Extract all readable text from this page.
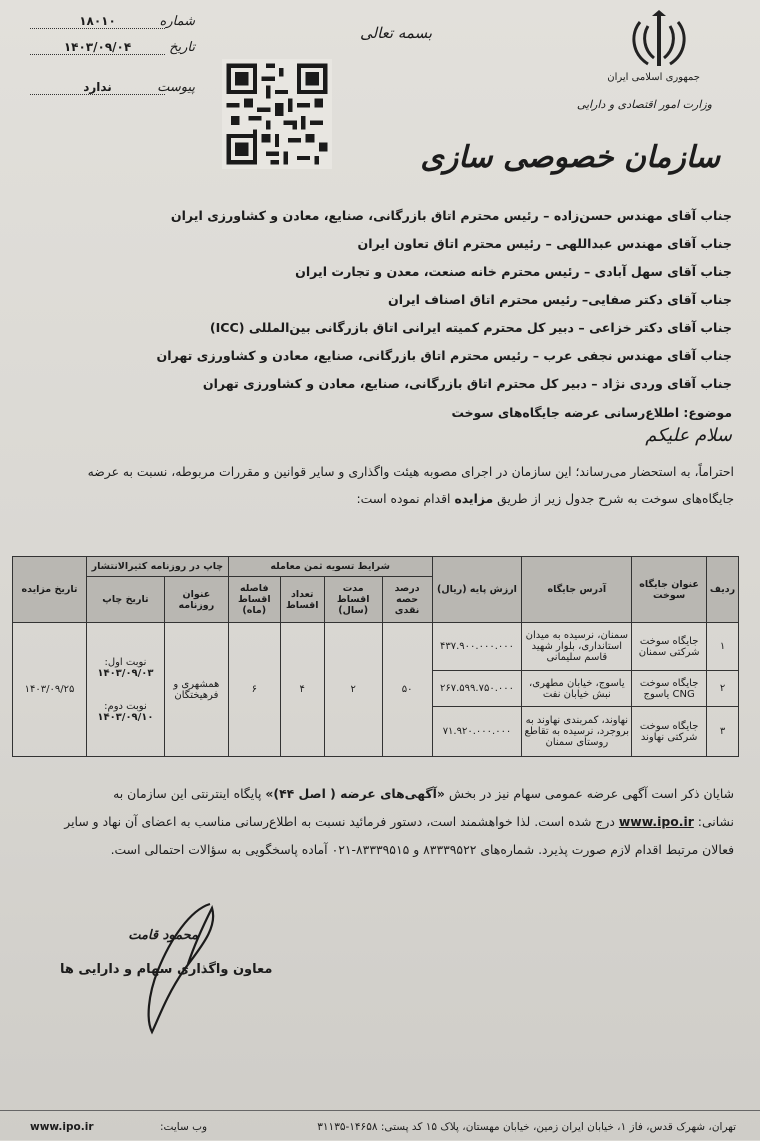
جمهوری اسلامی ایران
وزارت امور اقتصادی و دارایی
سازمان خصوصی سازی
بسمه تعالی
شماره
۱۸۰۱۰
تاریخ
۱۴۰۳/۰۹/۰۴
پیوست
ندارد
جناب آقای مهندس حسن‌زاده – رئیس محترم اتاق بازرگانی، صنایع، معادن و کشاورزی ایران
جناب آقای مهندس عبداللهی – رئیس محترم اتاق تعاون ایران
جناب آقای سهل آبادی – رئیس محترم خانه صنعت، معدن و تجارت ایران
جناب آقای دکتر صفایی– رئیس محترم اتاق اصناف ایران
جناب آقای دکتر خزاعی – دبیر کل محترم کمیته ایرانی اتاق بازرگانی بین‌المللی (ICC)
جناب آقای مهندس نجفی عرب – رئیس محترم اتاق بازرگانی، صنایع، معادن و کشاورزی تهران
جناب آقای وردی نژاد – دبیر کل محترم اتاق بازرگانی، صنایع، معادن و کشاورزی تهران
موضوع: اطلاع‌رسانی عرضه جایگاه‌های سوخت
سلام علیکم
احتراماً، به استحضار می‌رساند؛ این سازمان در اجرای مصوبه هیئت واگذاری و سایر قوانین و مقررات مربوطه، نسبت به عرضه
جایگاه‌های سوخت به شرح جدول زیر از طریق مزایده اقدام نموده است:
ردیف	عنوان جایگاه سوخت	آدرس جایگاه	ارزش پایه (ریال)	شرایط تسویه ثمن معامله				چاپ در روزنامه کثیرالانتشار		تاریخ مزایده
				درصد حصه نقدی	مدت اقساط (سال)	تعداد اقساط	فاصله اقساط (ماه)	عنوان روزنامه	تاریخ چاپ	
۱	جایگاه سوخت شرکتی سمنان	سمنان، نرسیده به میدان استانداری، بلوار شهید قاسم سلیمانی	۴۳۷.۹۰۰.۰۰۰.۰۰۰	۵۰	۲	۴	۶	همشهری و فرهیختگان	نوبت اول:
۱۴۰۳/۰۹/۰۳
نوبت دوم:
۱۴۰۳/۰۹/۱۰	۱۴۰۳/۰۹/۲۵
۲	جایگاه سوخت CNG یاسوج	یاسوج، خیابان مطهری، نبش خیابان نفت	۲۶۷.۵۹۹.۷۵۰.۰۰۰							
۳	جایگاه سوخت شرکتی نهاوند	نهاوند، کمربندی نهاوند به بروجرد، نرسیده به تقاطع روستای سمنان	۷۱.۹۲۰.۰۰۰.۰۰۰							
شایان ذکر است آگهی عرضه عمومی سهام نیز در بخش «آگهی‌های عرضه ( اصل ۴۴)» پایگاه اینترنتی این سازمان به
نشانی: www.ipo.ir درج شده است. لذا خواهشمند است، دستور فرمائید نسبت به اطلاع‌رسانی مناسب به اعضای آن نهاد و سایر
فعالان مرتبط اقدام لازم صورت پذیرد. شماره‌های ۸۳۳۳۹۵۲۲ و ۸۳۳۳۹۵۱۵-۰۲۱ آماده پاسخگویی به سؤالات احتمالی است.
محمود قامت
معاون واگذاری سهام و دارایی ها
تهران، شهرک قدس، فاز ۱، خیابان ایران زمین، خیابان مهستان، پلاک ۱۵ کد پستی: ۱۴۶۵۸-۳۱۱۳۵
وب سایت:
www.ipo.ir
